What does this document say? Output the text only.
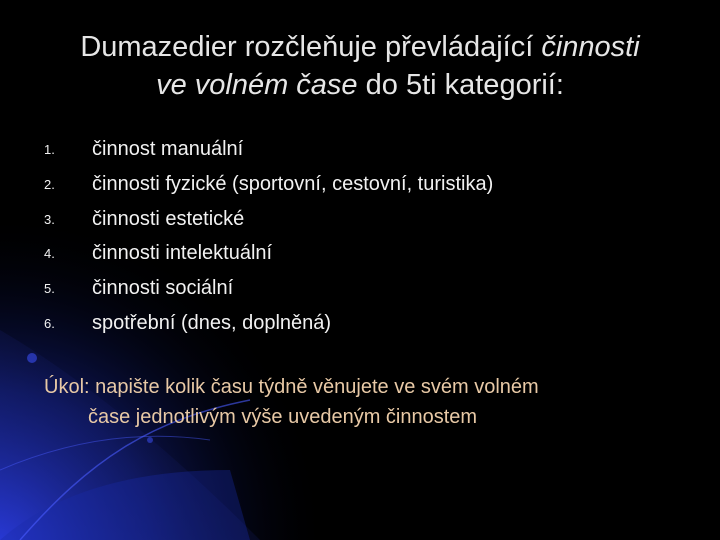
Dumazedier rozčleňuje převládající činnosti
ve volném čase do 5ti kategorií:
1. činnost manuální
2. činnosti fyzické (sportovní, cestovní, turistika)
3. činnosti estetické
4. činnosti intelektuální
5. činnosti sociální
6. spotřební (dnes, doplněná)
Úkol: napište kolik času týdně věnujete ve svém volném
čase jednotlivým výše uvedeným činnostem
